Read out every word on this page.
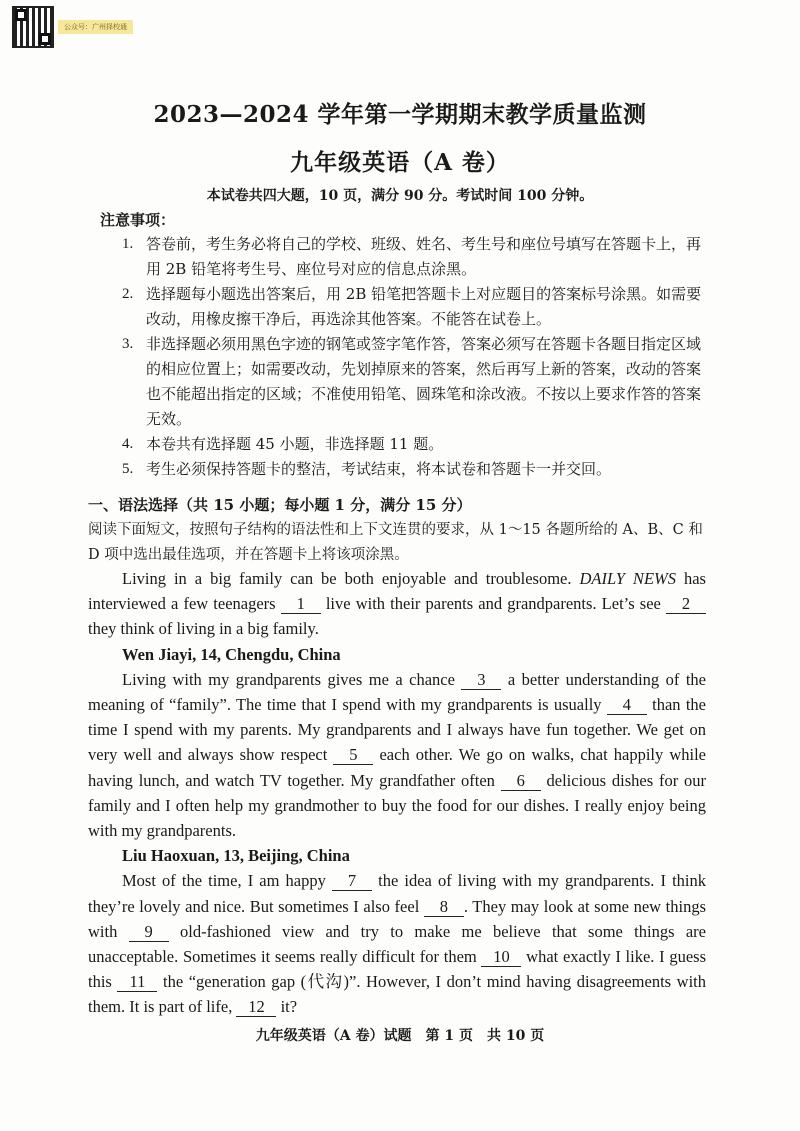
公众号：广州择校通
2023—2024 学年第一学期期末教学质量监测
九年级英语（A 卷）

本试卷共四大题，10 页，满分 90 分。考试时间 100 分钟。

注意事项：

1. 答卷前，考生务必将自己的学校、班级、姓名、考生号和座位号填写在答题卡上，再用 2B 铅笔将考生号、座位号对应的信息点涂黑。
2. 选择题每小题选出答案后，用 2B 铅笔把答题卡上对应题目的答案标号涂黑。如需要改动，用橡皮擦干净后，再选涂其他答案。不能答在试卷上。
3. 非选择题必须用黑色字迹的钢笔或签字笔作答，答案必须写在答题卡各题目指定区域的相应位置上；如需要改动，先划掉原来的答案，然后再写上新的答案，改动的答案也不能超出指定的区域；不准使用铅笔、圆珠笔和涂改液。不按以上要求作答的答案无效。
4. 本卷共有选择题 45 小题，非选择题 11 题。
5. 考生必须保持答题卡的整洁，考试结束，将本试卷和答题卡一并交回。

一、语法选择（共 15 小题；每小题 1 分，满分 15 分）

阅读下面短文，按照句子结构的语法性和上下文连贯的要求，从 1～15 各题所给的 A、B、C 和 D 项中选出最佳选项，并在答题卡上将该项涂黑。

Living in a big family can be both enjoyable and troublesome. DAILY NEWS has interviewed a few teenagers 1 live with their parents and grandparents. Let’s see 2 they think of living in a big family.

Wen Jiayi, 14, Chengdu, China

Living with my grandparents gives me a chance 3 a better understanding of the meaning of “family”. The time that I spend with my grandparents is usually 4 than the time I spend with my parents. My grandparents and I always have fun together. We get on very well and always show respect 5 each other. We go on walks, chat happily while having lunch, and watch TV together. My grandfather often 6 delicious dishes for our family and I often help my grandmother to buy the food for our dishes. I really enjoy being with my grandparents.

Liu Haoxuan, 13, Beijing, China

Most of the time, I am happy 7 the idea of living with my grandparents. I think they’re lovely and nice. But sometimes I also feel 8 . They may look at some new things with 9 old-fashioned view and try to make me believe that some things are unacceptable. Sometimes it seems really difficult for them 10 what exactly I like. I guess this 11 the “generation gap (代沟)”. However, I don’t mind having disagreements with them. It is part of life, 12 it?

九年级英语（A 卷）试题　第 1 页　共 10 页
